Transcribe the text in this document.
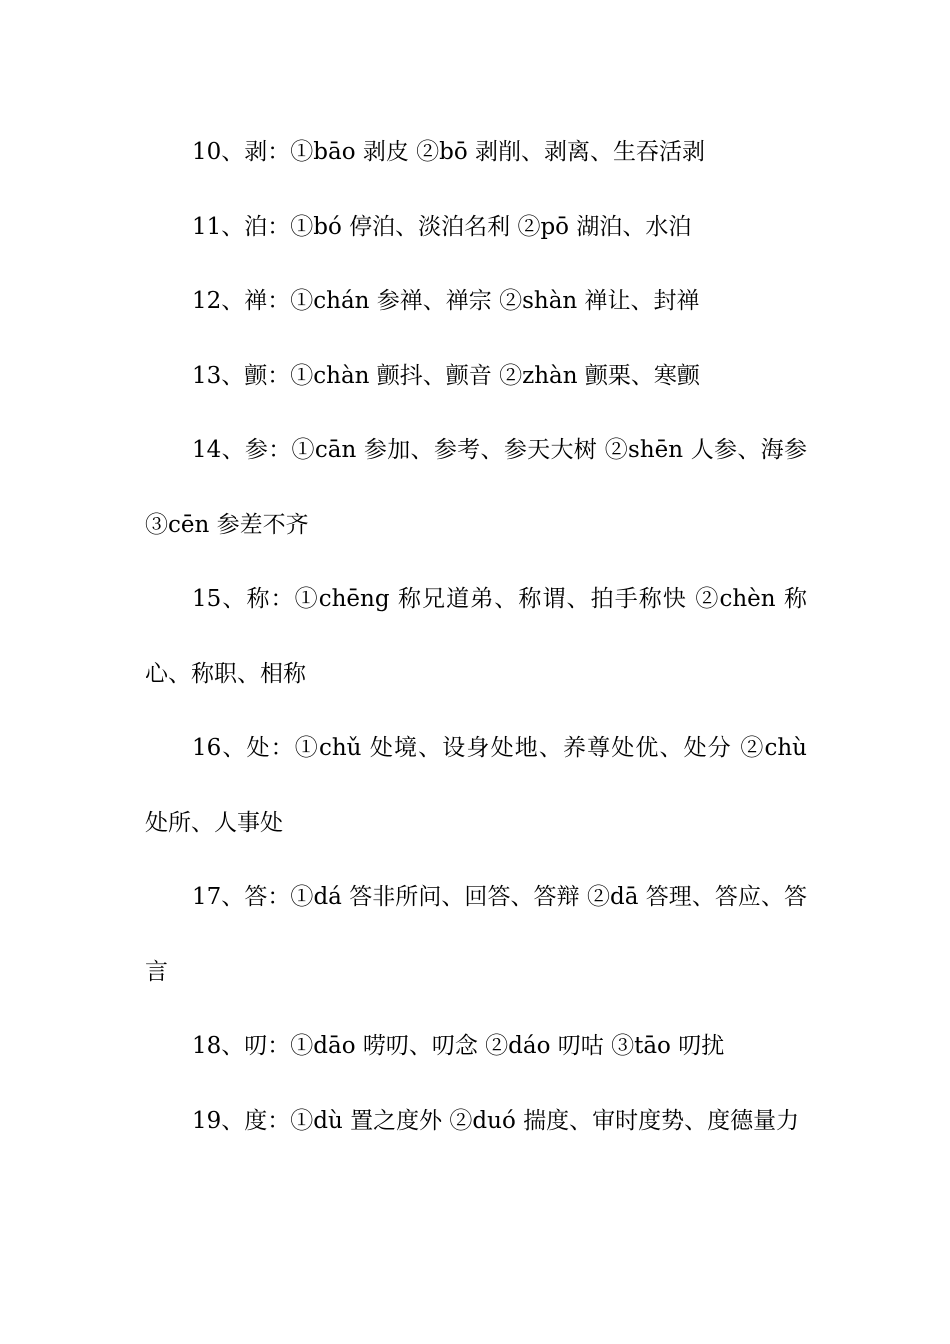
10、剥：①bāo 剥皮 ②bō 剥削、剥离、生吞活剥

11、泊：①bó 停泊、淡泊名利 ②pō 湖泊、水泊

12、禅：①chán 参禅、禅宗 ②shàn 禅让、封禅

13、颤：①chàn 颤抖、颤音 ②zhàn 颤栗、寒颤

14、参：①cān 参加、参考、参天大树 ②shēn 人参、海参 ③cēn 参差不齐

15、称：①chēng 称兄道弟、称谓、拍手称快 ②chèn 称心、称职、相称

16、处：①chǔ 处境、设身处地、养尊处优、处分 ②chù 处所、人事处

17、答：①dá 答非所问、回答、答辩 ②dā 答理、答应、答言

18、叨：①dāo 唠叨、叨念 ②dáo 叨咕 ③tāo 叨扰

19、度：①dù 置之度外 ②duó 揣度、审时度势、度德量力
